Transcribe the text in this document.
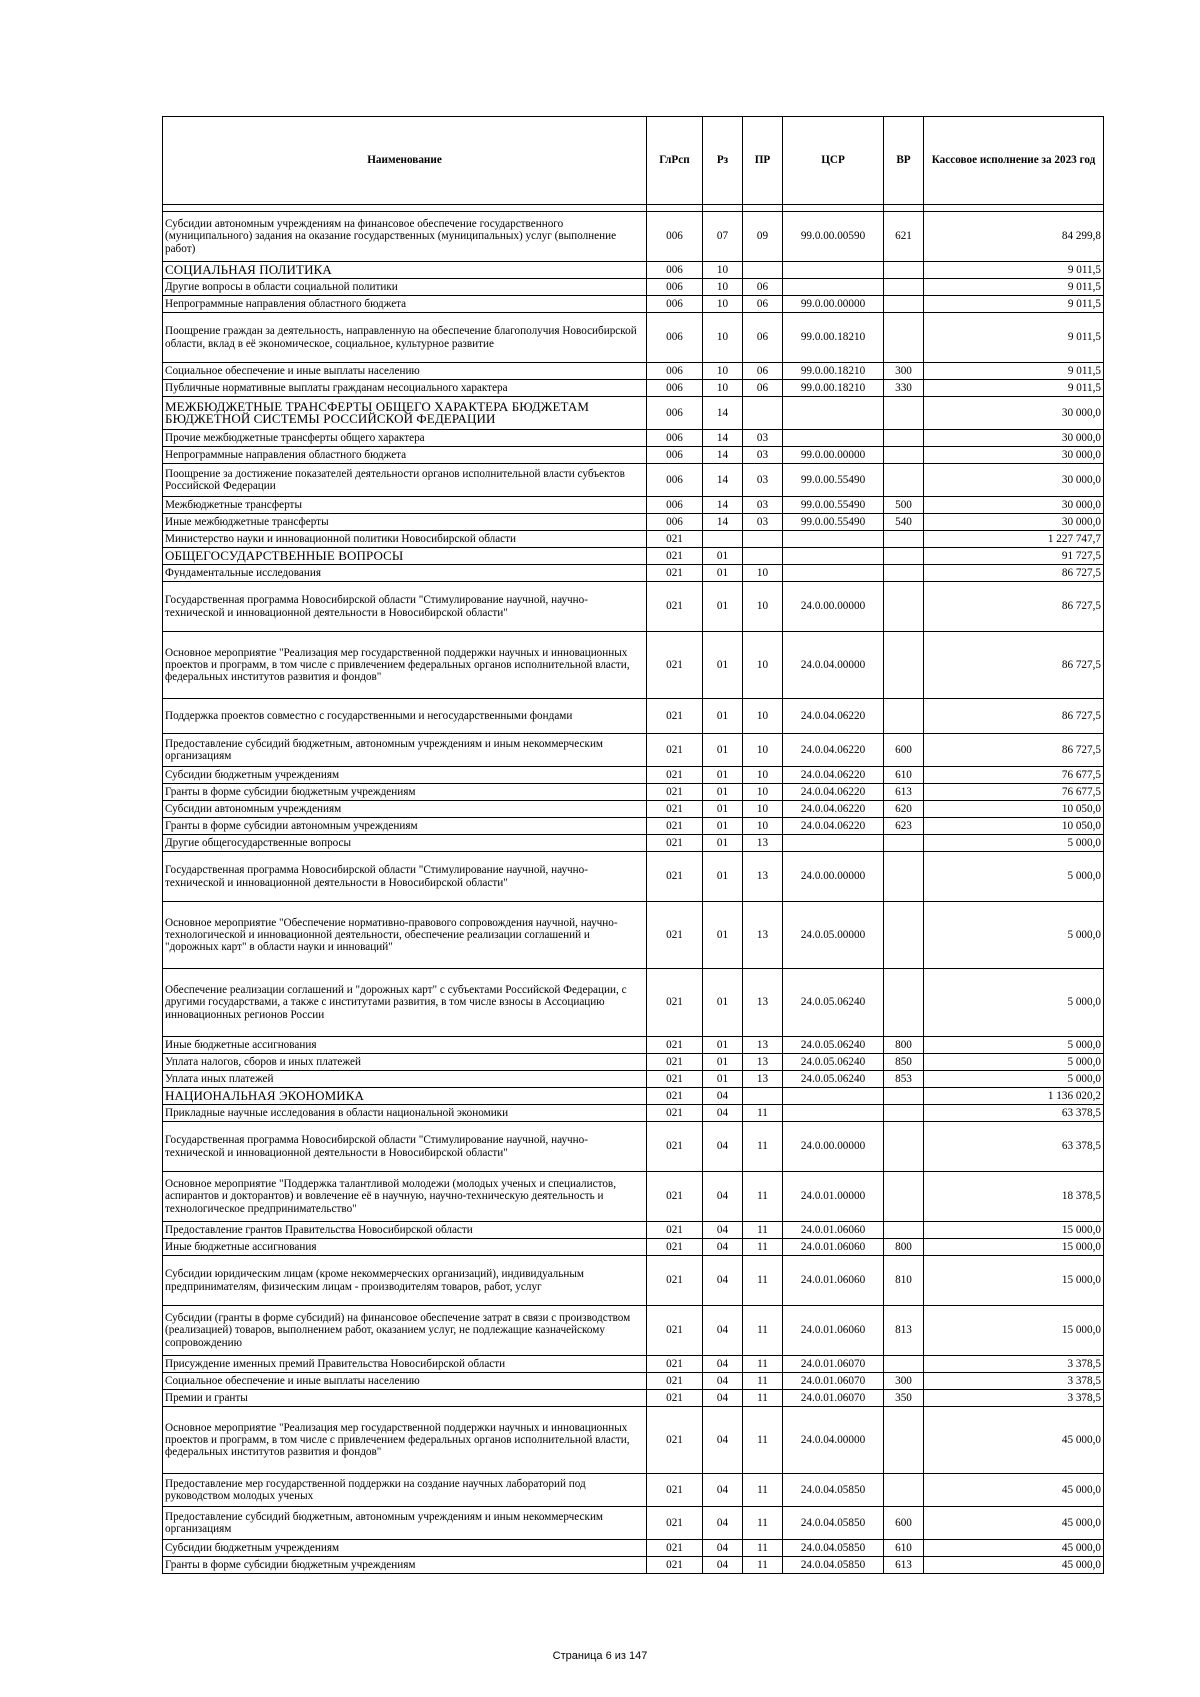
Наименование	ГлРсп	Рз	ПР	ЦСР	ВР	Кассовое исполнение за 2023 год

Субсидии автономным учреждениям на финансовое обеспечение государственного (муниципального) задания на оказание государственных (муниципальных) услуг (выполнение работ)	006	07	09	99.0.00.00590	621	84 299,8
СОЦИАЛЬНАЯ ПОЛИТИКА	006	10				9 011,5
Другие вопросы в области социальной политики	006	10	06			9 011,5
Непрограммные направления областного бюджета	006	10	06	99.0.00.00000		9 011,5
Поощрение граждан за деятельность, направленную на обеспечение благополучия Новосибирской области, вклад в её экономическое, социальное, культурное развитие	006	10	06	99.0.00.18210		9 011,5
Социальное обеспечение и иные выплаты населению	006	10	06	99.0.00.18210	300	9 011,5
Публичные нормативные выплаты гражданам несоциального характера	006	10	06	99.0.00.18210	330	9 011,5
МЕЖБЮДЖЕТНЫЕ ТРАНСФЕРТЫ ОБЩЕГО ХАРАКТЕРА БЮДЖЕТАМ БЮДЖЕТНОЙ СИСТЕМЫ РОССИЙСКОЙ ФЕДЕРАЦИИ	006	14				30 000,0
Прочие межбюджетные трансферты общего характера	006	14	03			30 000,0
Непрограммные направления областного бюджета	006	14	03	99.0.00.00000		30 000,0
Поощрение за достижение показателей деятельности органов исполнительной власти субъектов Российской Федерации	006	14	03	99.0.00.55490		30 000,0
Межбюджетные трансферты	006	14	03	99.0.00.55490	500	30 000,0
Иные межбюджетные трансферты	006	14	03	99.0.00.55490	540	30 000,0
Министерство науки и инновационной политики Новосибирской области	021					1 227 747,7
ОБЩЕГОСУДАРСТВЕННЫЕ ВОПРОСЫ	021	01				91 727,5
Фундаментальные исследования	021	01	10			86 727,5
Государственная программа Новосибирской области "Стимулирование научной, научно-технической и инновационной деятельности в Новосибирской области"	021	01	10	24.0.00.00000		86 727,5
Основное мероприятие "Реализация мер государственной поддержки научных и инновационных проектов и программ, в том числе с привлечением федеральных органов исполнительной власти, федеральных институтов развития и фондов"	021	01	10	24.0.04.00000		86 727,5
Поддержка проектов совместно с государственными и негосударственными фондами	021	01	10	24.0.04.06220		86 727,5
Предоставление субсидий бюджетным, автономным учреждениям и иным некоммерческим организациям	021	01	10	24.0.04.06220	600	86 727,5
Субсидии бюджетным учреждениям	021	01	10	24.0.04.06220	610	76 677,5
Гранты в форме субсидии бюджетным учреждениям	021	01	10	24.0.04.06220	613	76 677,5
Субсидии автономным учреждениям	021	01	10	24.0.04.06220	620	10 050,0
Гранты в форме субсидии автономным учреждениям	021	01	10	24.0.04.06220	623	10 050,0
Другие общегосударственные вопросы	021	01	13			5 000,0
Государственная программа Новосибирской области "Стимулирование научной, научно-технической и инновационной деятельности в Новосибирской области"	021	01	13	24.0.00.00000		5 000,0
Основное мероприятие "Обеспечение нормативно-правового сопровождения научной, научно-технологической и инновационной деятельности, обеспечение реализации соглашений и "дорожных карт" в области науки и инноваций"	021	01	13	24.0.05.00000		5 000,0
Обеспечение реализации соглашений и "дорожных карт" с субъектами Российской Федерации, с другими государствами, а также с институтами развития, в том числе взносы в Ассоциацию инновационных регионов России	021	01	13	24.0.05.06240		5 000,0
Иные бюджетные ассигнования	021	01	13	24.0.05.06240	800	5 000,0
Уплата налогов, сборов и иных платежей	021	01	13	24.0.05.06240	850	5 000,0
Уплата иных платежей	021	01	13	24.0.05.06240	853	5 000,0
НАЦИОНАЛЬНАЯ ЭКОНОМИКА	021	04				1 136 020,2
Прикладные научные исследования в области национальной экономики	021	04	11			63 378,5
Государственная программа Новосибирской области "Стимулирование научной, научно-технической и инновационной деятельности в Новосибирской области"	021	04	11	24.0.00.00000		63 378,5
Основное мероприятие "Поддержка талантливой молодежи (молодых ученых и специалистов, аспирантов и докторантов) и вовлечение её в научную, научно-техническую деятельность и технологическое предпринимательство"	021	04	11	24.0.01.00000		18 378,5
Предоставление грантов Правительства Новосибирской области	021	04	11	24.0.01.06060		15 000,0
Иные бюджетные ассигнования	021	04	11	24.0.01.06060	800	15 000,0
Субсидии юридическим лицам (кроме некоммерческих организаций), индивидуальным предпринимателям, физическим лицам - производителям товаров, работ, услуг	021	04	11	24.0.01.06060	810	15 000,0
Субсидии (гранты в форме субсидий) на финансовое обеспечение затрат в связи с производством (реализацией) товаров, выполнением работ, оказанием услуг, не подлежащие казначейскому сопровождению	021	04	11	24.0.01.06060	813	15 000,0
Присуждение именных премий Правительства Новосибирской области	021	04	11	24.0.01.06070		3 378,5
Социальное обеспечение и иные выплаты населению	021	04	11	24.0.01.06070	300	3 378,5
Премии и гранты	021	04	11	24.0.01.06070	350	3 378,5
Основное мероприятие "Реализация мер государственной поддержки научных и инновационных проектов и программ, в том числе с привлечением федеральных органов исполнительной власти, федеральных институтов развития и фондов"	021	04	11	24.0.04.00000		45 000,0
Предоставление мер государственной поддержки на создание научных лабораторий под руководством молодых ученых	021	04	11	24.0.04.05850		45 000,0
Предоставление субсидий бюджетным, автономным учреждениям и иным некоммерческим организациям	021	04	11	24.0.04.05850	600	45 000,0
Субсидии бюджетным учреждениям	021	04	11	24.0.04.05850	610	45 000,0
Гранты в форме субсидии бюджетным учреждениям	021	04	11	24.0.04.05850	613	45 000,0
Страница 6 из 147
